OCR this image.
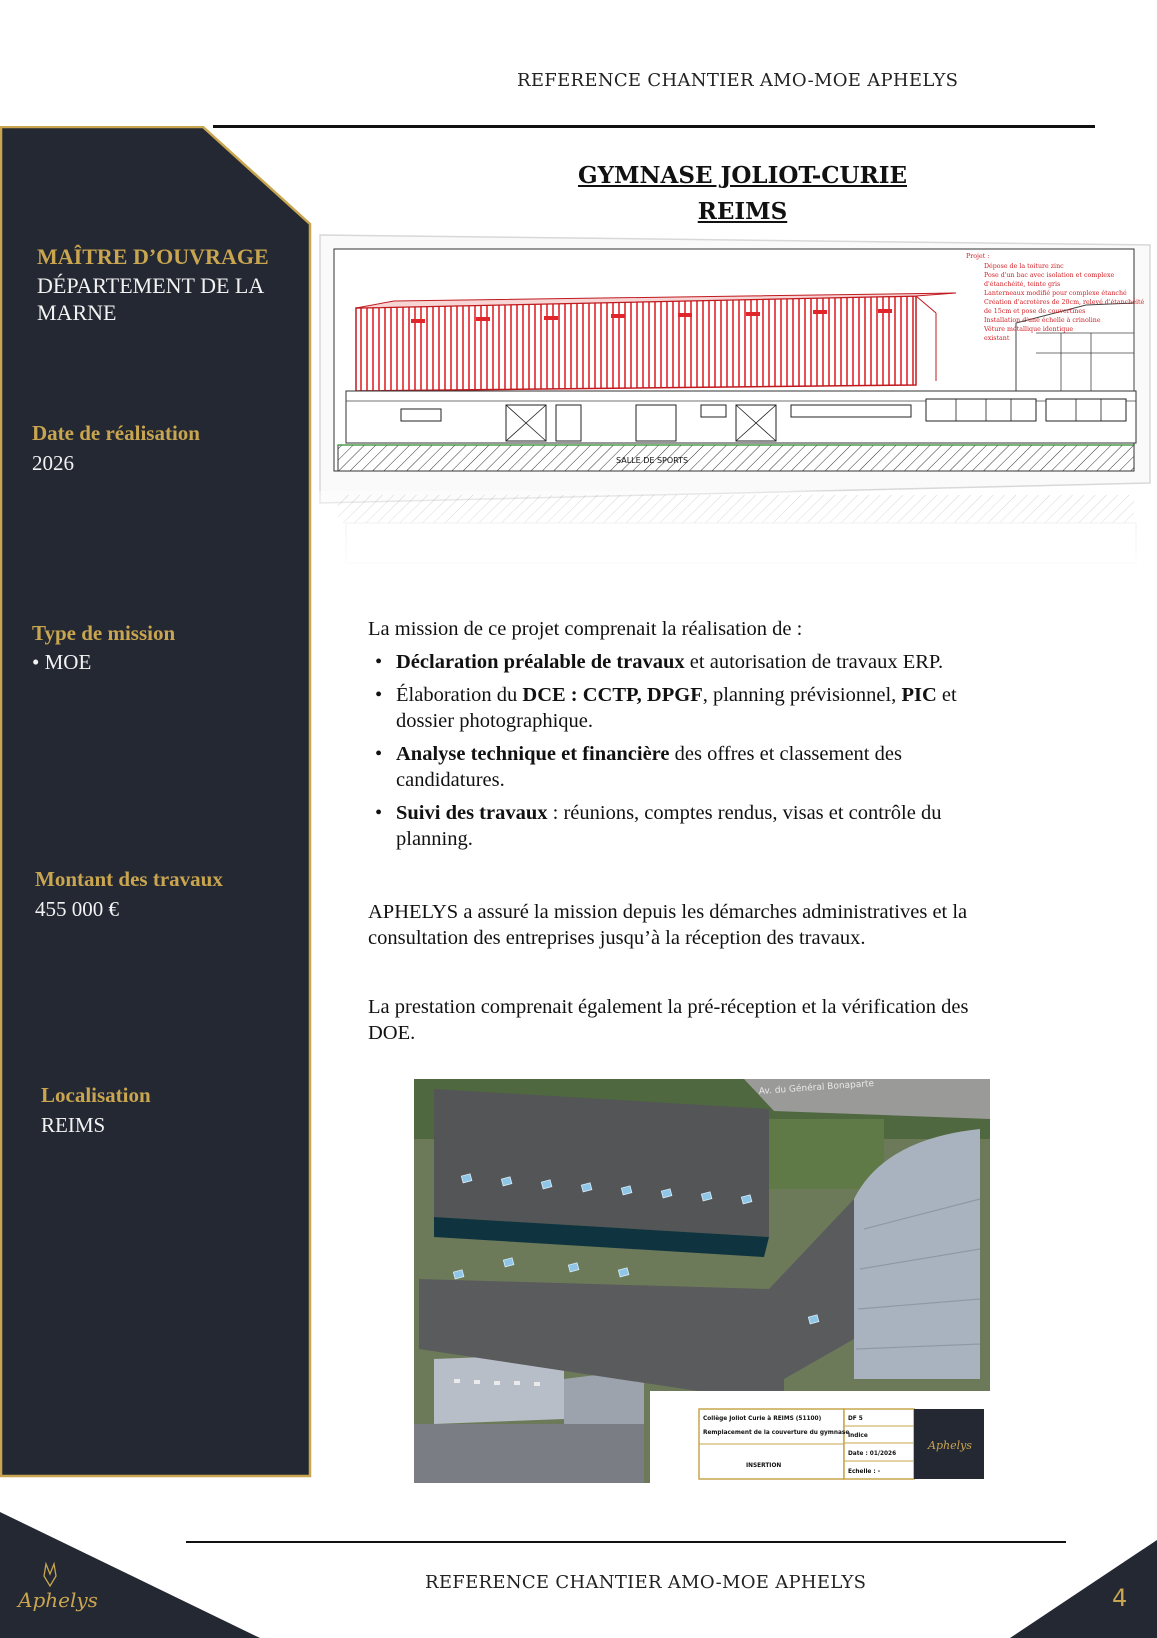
REFERENCE CHANTIER AMO-MOE APHELYS
MAÎTRE D’OUVRAGE
DÉPARTEMENT DE LA
MARNE
Date de réalisation
2026
Type de mission
• MOE
Montant des travaux
455 000 €
Localisation
REIMS
GYMNASE JOLIOT-CURIE
REIMS
SALLE DE SPORTS
Projet :
Dépose de la toiture zinc
Pose d'un bac avec isolation et complexe
d'étanchéité, teinte gris
Lanterneaux modifié pour complexe étanché
Création d'acrotères de 20cm, relevé d'étanchéité
de 15cm et pose de couvertines
Installation d'une échelle à crinoline
Vêture métallique identique
existant
La mission de ce projet comprenait la réalisation de :
• Déclaration préalable de travaux et autorisation de travaux ERP.
• Élaboration du DCE : CCTP, DPGF, planning prévisionnel, PIC et
dossier photographique.
• Analyse technique et financière des offres et classement des
candidatures.
• Suivi des travaux : réunions, comptes rendus, visas et contrôle du
planning.
APHELYS a assuré la mission depuis les démarches administratives et la
consultation des entreprises jusqu’à la réception des travaux.
La prestation comprenait également la pré-réception et la vérification des
DOE.
Av. du Général Bonaparte
Collège Joliot Curie à REIMS (51100)
Remplacement de la couverture du gymnase
INSERTION
DF 5
Indice
Date : 01/2026
Echelle : -
Aphelys
REFERENCE CHANTIER AMO-MOE APHELYS
Aphelys	4
